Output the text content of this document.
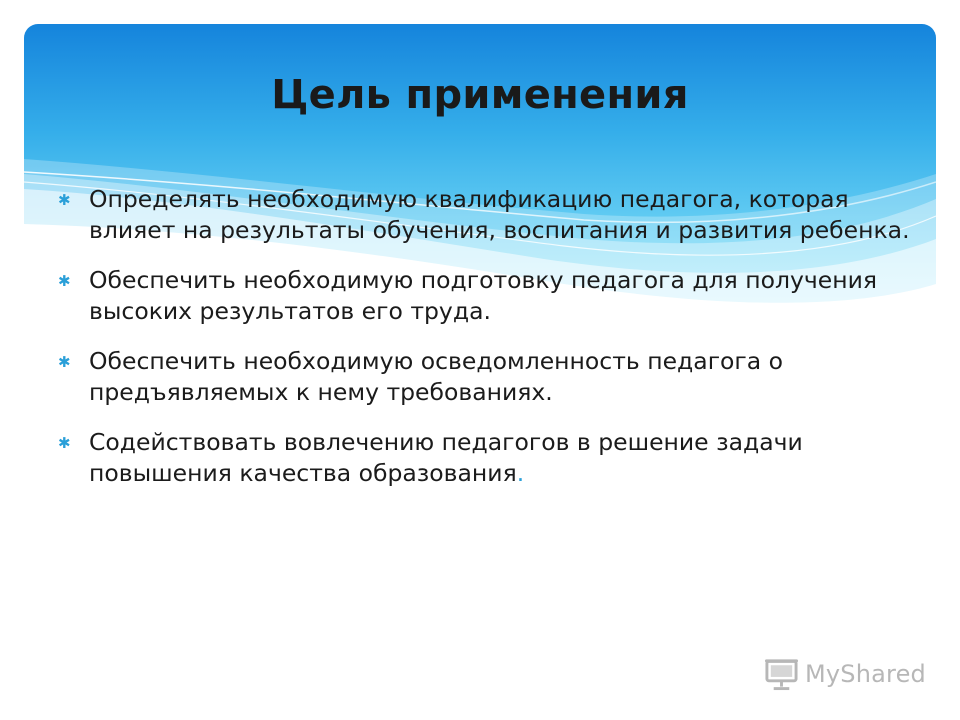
Цель применения
✱ Определять необходимую квалификацию педагога, которая влияет на результаты обучения, воспитания и развития ребенка.
✱ Обеспечить необходимую подготовку педагога для получения высоких результатов его труда.
✱ Обеспечить необходимую осведомленность педагога о предъявляемых к нему требованиях.
✱ Содействовать вовлечению педагогов в решение задачи повышения качества образования.
MyShared
